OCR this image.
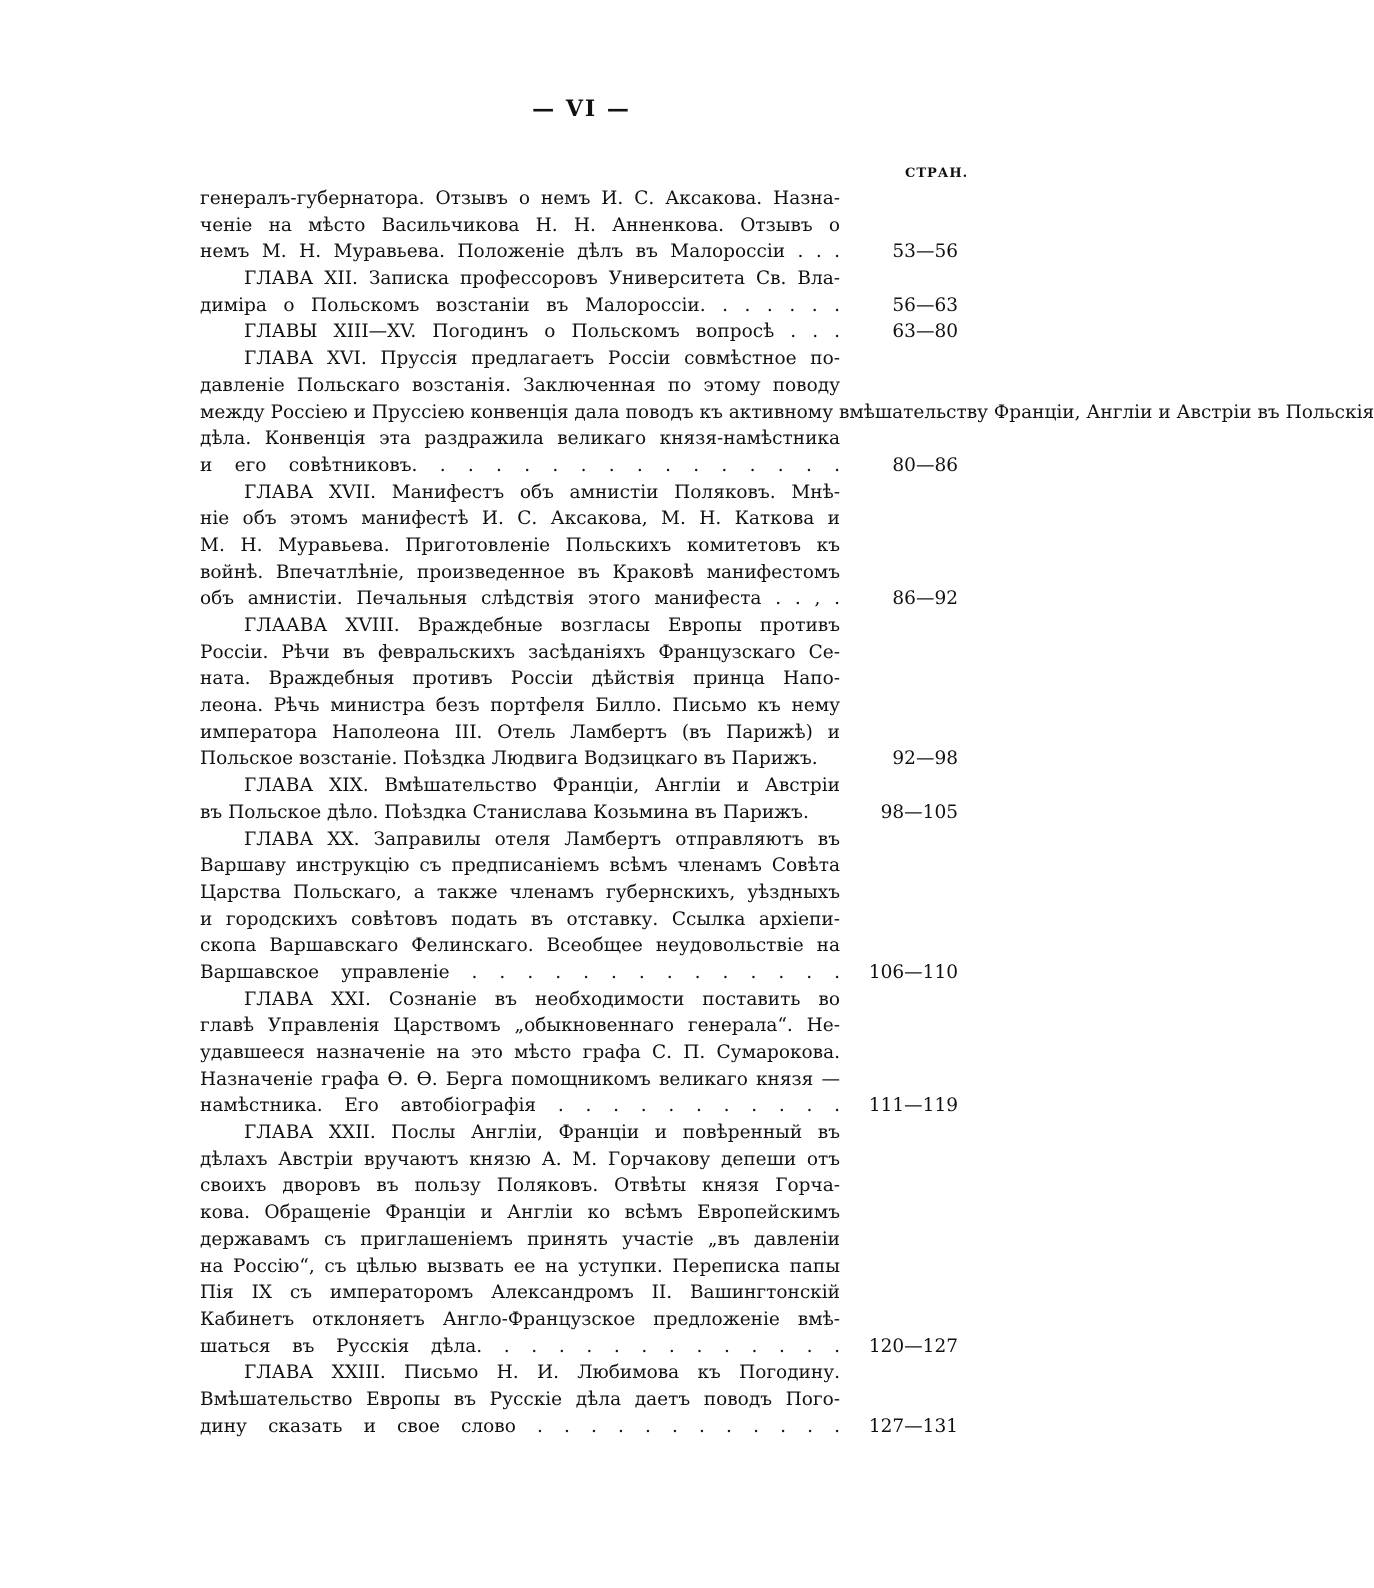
— VI —
СТРАН.
генералъ-губернатора. Отзывъ о немъ И. С. Аксакова. Назна-
ченіе на мѣсто Васильчикова Н. Н. Анненкова. Отзывъ о
немъ М. Н. Муравьева. Положеніе дѣлъ въ Малороссіи . . .	53—56
ГЛАВА XII. Записка профессоровъ Университета Св. Вла-
диміра о Польскомъ возстаніи въ Малороссіи. . . . . . .	56—63
ГЛАВЫ XIII—XV. Погодинъ о Польскомъ вопросѣ . . .	63—80
ГЛАВА XVI. Пруссія предлагаетъ Россіи совмѣстное по-
давленіе Польскаго возстанія. Заключенная по этому поводу
между Россіею и Пруссіею конвенція дала поводъ къ активному вмѣшательству Франціи, Англіи и Австріи въ Польскія
дѣла. Конвенція эта раздражила великаго князя-намѣстника
и его совѣтниковъ. . . . . . . . . . . . . . . .	80—86
ГЛАВА XVII. Манифестъ объ амнистіи Поляковъ. Мнѣ-
ніе объ этомъ манифестѣ И. С. Аксакова, М. Н. Каткова и
М. Н. Муравьева. Приготовленіе Польскихъ комитетовъ къ
войнѣ. Впечатлѣніе, произведенное въ Краковѣ манифестомъ
объ амнистіи. Печальныя слѣдствія этого манифеста . . , .	86—92
ГЛААВА XVIII. Враждебные возгласы Европы противъ
Россіи. Рѣчи въ февральскихъ засѣданіяхъ Французскаго Се-
ната. Враждебныя противъ Россіи дѣйствія принца Напо-
леона. Рѣчь министра безъ портфеля Билло. Письмо къ нему
императора Наполеона III. Отель Ламбертъ (въ Парижѣ) и
Польское возстаніе. Поѣздка Людвига Водзицкаго въ Парижъ.	92—98
ГЛАВА XIX. Вмѣшательство Франціи, Англіи и Австріи
въ Польское дѣло. Поѣздка Станислава Козьмина въ Парижъ.	98—105
ГЛАВА XX. Заправилы отеля Ламбертъ отправляютъ въ
Варшаву инструкцію съ предписаніемъ всѣмъ членамъ Совѣта
Царства Польскаго, а также членамъ губернскихъ, уѣздныхъ
и городскихъ совѣтовъ подать въ отставку. Ссылка архіепи-
скопа Варшавскаго Фелинскаго. Всеобщее неудовольствіе на
Варшавское управленіе . . . . . . . . . . . . . .	106—110
ГЛАВА XXI. Сознаніе въ необходимости поставить во
главѣ Управленія Царствомъ „обыкновеннаго генерала“. Не-
удавшееся назначеніе на это мѣсто графа С. П. Сумарокова.
Назначеніе графа Ѳ. Ѳ. Берга помощникомъ великаго князя —
намѣстника. Его автобіографія . . . . . . . . . . .	111—119
ГЛАВА XXII. Послы Англіи, Франціи и повѣренный въ
дѣлахъ Австріи вручаютъ князю А. М. Горчакову депеши отъ
своихъ дворовъ въ пользу Поляковъ. Отвѣты князя Горча-
кова. Обращеніе Франціи и Англіи ко всѣмъ Европейскимъ
державамъ съ приглашеніемъ принять участіе „въ давленіи
на Россію“, съ цѣлью вызвать ее на уступки. Переписка папы
Пія IX съ императоромъ Александромъ II. Вашингтонскій
Кабинетъ отклоняетъ Англо-Французское предложеніе вмѣ-
шаться въ Русскія дѣла. . . . . . . . . . . . . .	120—127
ГЛАВА XXIII. Письмо Н. И. Любимова къ Погодину.
Вмѣшательство Европы въ Русскіе дѣла даетъ поводъ Пого-
дину сказать и свое слово . . . . . . . . . . . .	127—131
